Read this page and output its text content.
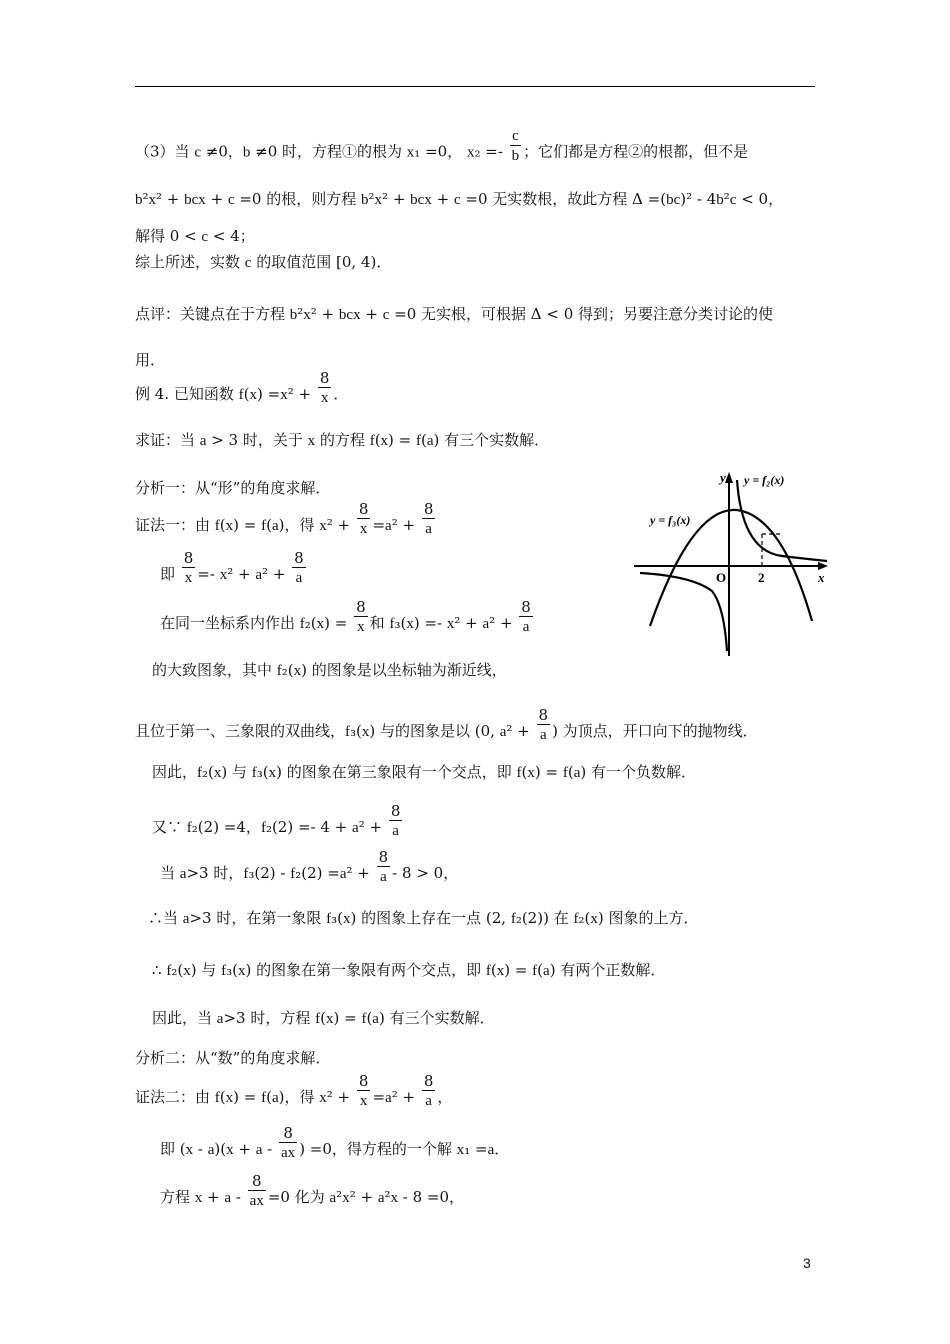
（3）当 c ≠0，b ≠0 时，方程①的根为 x₁ =0， $x_2 =- \frac{c}{b}$ ；它们都是方程②的根都，但不是
b²x² + bcx + c =0 的根，则方程 b²x² + bcx + c =0 无实数根，故此方程 Δ =(bc)² - 4b²c < 0，
解得 0 < c < 4；
综上所述，实数 c 的取值范围 [0, 4)．
点评：关键点在于方程 b²x² + bcx + c =0 无实根，可根据 Δ < 0 得到；另要注意分类讨论的使
用．
例 4. 已知函数 $f(x) =x^2 + \frac{8}{x}$ ．
求证：当 a > 3 时，关于 x 的方程 f(x) = f(a) 有三个实数解．
分析一：从“形”的角度求解．
证法一：由 f(x) = f(a)，得 $x^2 + \frac{8}{x} =a^2 + \frac{8}{a}$
即 $\frac{8}{x} =- x^2 + a^2 + \frac{8}{a}$
在同一坐标系内作出 $f_2(x) = \frac{8}{x}$ 和 $f_3(x) =- x^2 + a^2 + \frac{8}{a}$
的大致图象，其中 f₂(x) 的图象是以坐标轴为渐近线，
且位于第一、三象限的双曲线，f₃(x) 与的图象是以 (0, $a^2 + \frac{8}{a}$ ) 为顶点，开口向下的抛物线．
因此，f₂(x) 与 f₃(x) 的图象在第三象限有一个交点，即 f(x) = f(a) 有一个负数解．
又∵ f₂(2) =4，$f_2(2) =- 4 + a^2 + \frac{8}{a}$
当 a>3 时，$f_3(2) - f_2(2) =a^2 + \frac{8}{a} - 8 > 0$，
∴当 a>3 时，在第一象限 f₃(x) 的图象上存在一点 (2, f₂(2)) 在 f₂(x) 图象的上方．
∴ f₂(x) 与 f₃(x) 的图象在第一象限有两个交点，即 f(x) = f(a) 有两个正数解．
因此，当 a>3 时，方程 f(x) = f(a) 有三个实数解．
分析二：从“数”的角度求解．
证法二：由 f(x) = f(a)，得 $x^2 + \frac{8}{x} =a^2 + \frac{8}{a}$ ，
即 $(x - a)(x + a - \frac{8}{ax}$ ) =0，得方程的一个解 x₁ =a．
方程 $x + a - \frac{8}{ax} =0$ 化为 a²x² + a²x - 8 =0，
y
x
O 2
y = f₂(x)
y = f₃(x)
3
